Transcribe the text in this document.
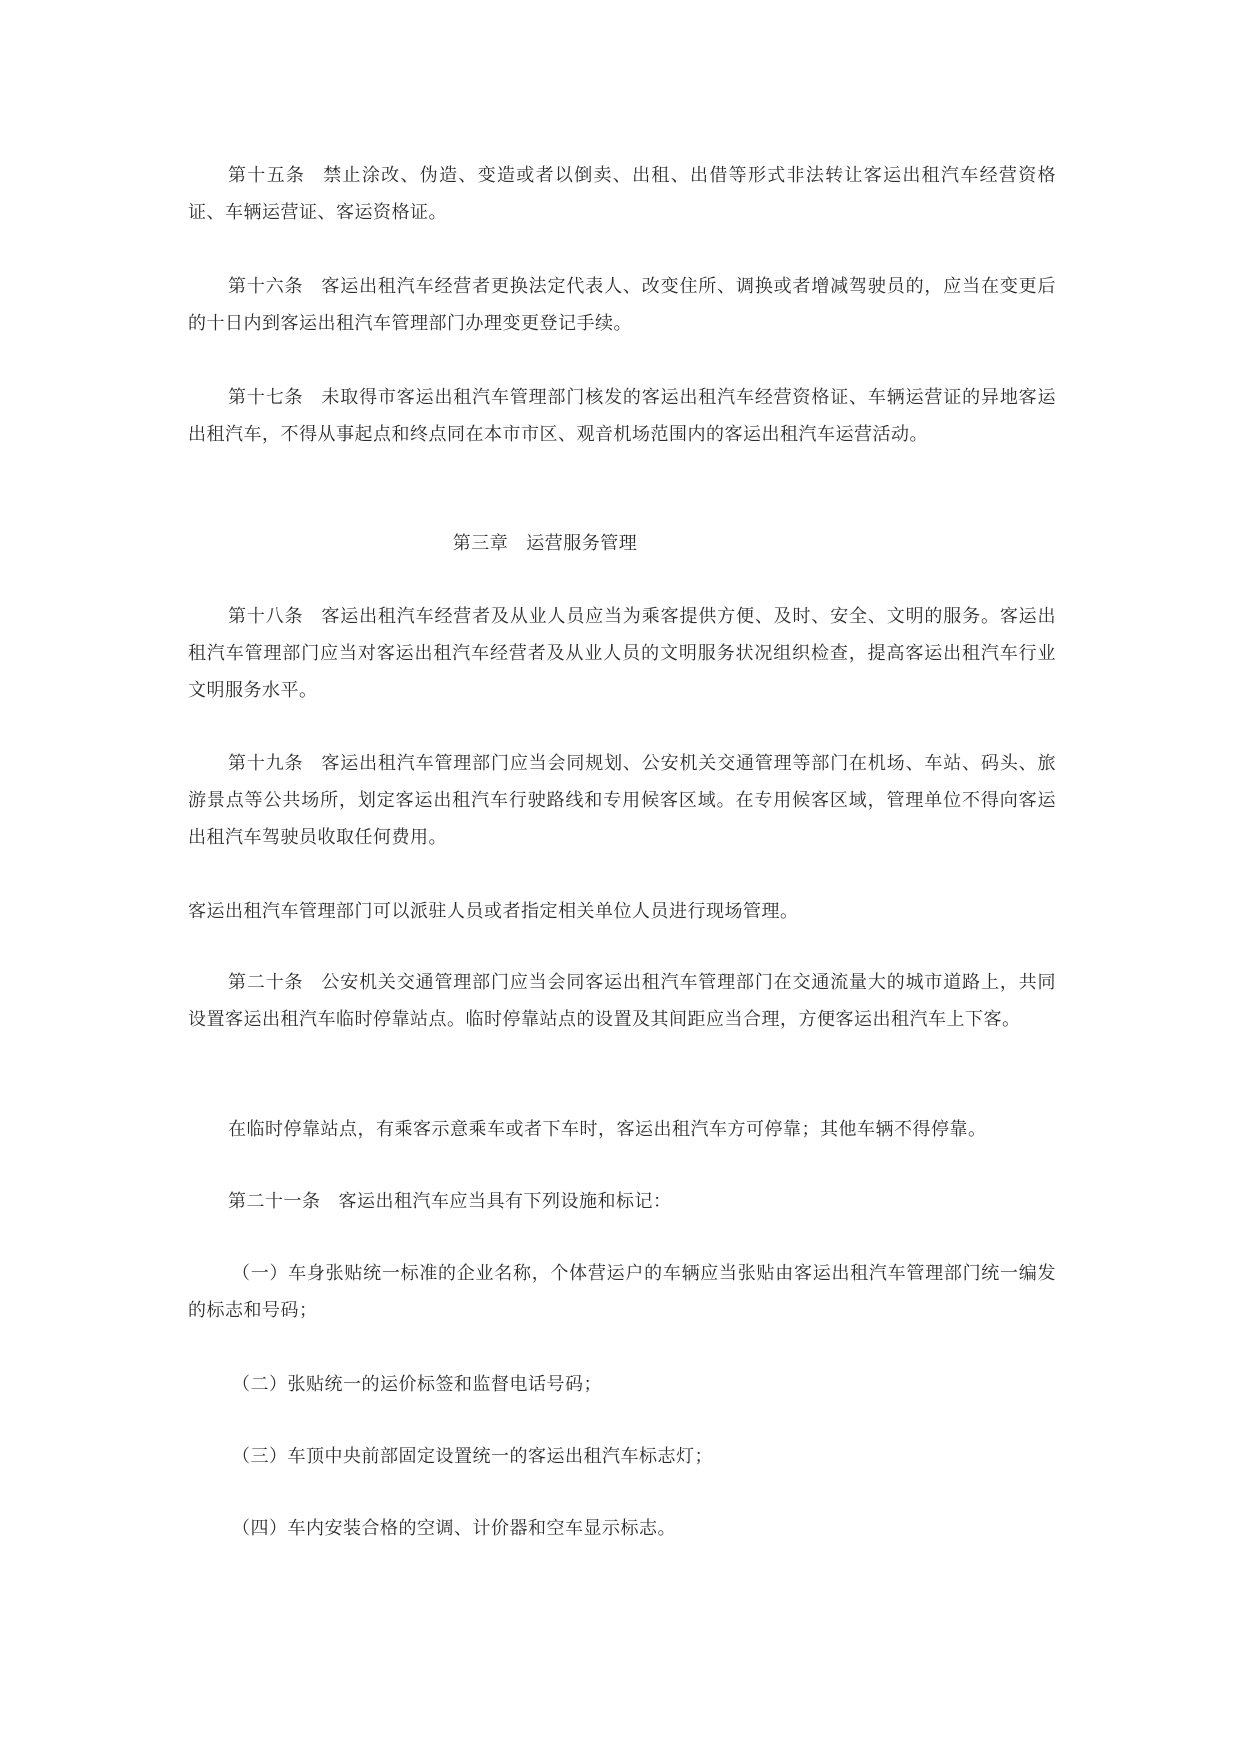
第十五条 禁止涂改、伪造、变造或者以倒卖、出租、出借等形式非法转让客运出租汽车经营资格证、车辆运营证、客运资格证。

第十六条 客运出租汽车经营者更换法定代表人、改变住所、调换或者增减驾驶员的，应当在变更后的十日内到客运出租汽车管理部门办理变更登记手续。

第十七条 未取得市客运出租汽车管理部门核发的客运出租汽车经营资格证、车辆运营证的异地客运出租汽车，不得从事起点和终点同在本市市区、观音机场范围内的客运出租汽车运营活动。

第三章 运营服务管理

第十八条 客运出租汽车经营者及从业人员应当为乘客提供方便、及时、安全、文明的服务。客运出租汽车管理部门应当对客运出租汽车经营者及从业人员的文明服务状况组织检查，提高客运出租汽车行业文明服务水平。

第十九条 客运出租汽车管理部门应当会同规划、公安机关交通管理等部门在机场、车站、码头、旅游景点等公共场所，划定客运出租汽车行驶路线和专用候客区域。在专用候客区域，管理单位不得向客运出租汽车驾驶员收取任何费用。

客运出租汽车管理部门可以派驻人员或者指定相关单位人员进行现场管理。

第二十条 公安机关交通管理部门应当会同客运出租汽车管理部门在交通流量大的城市道路上，共同设置客运出租汽车临时停靠站点。临时停靠站点的设置及其间距应当合理，方便客运出租汽车上下客。

在临时停靠站点，有乘客示意乘车或者下车时，客运出租汽车方可停靠；其他车辆不得停靠。

第二十一条 客运出租汽车应当具有下列设施和标记：

（一）车身张贴统一标准的企业名称，个体营运户的车辆应当张贴由客运出租汽车管理部门统一编发的标志和号码；

（二）张贴统一的运价标签和监督电话号码；

（三）车顶中央前部固定设置统一的客运出租汽车标志灯；

（四）车内安装合格的空调、计价器和空车显示标志。
